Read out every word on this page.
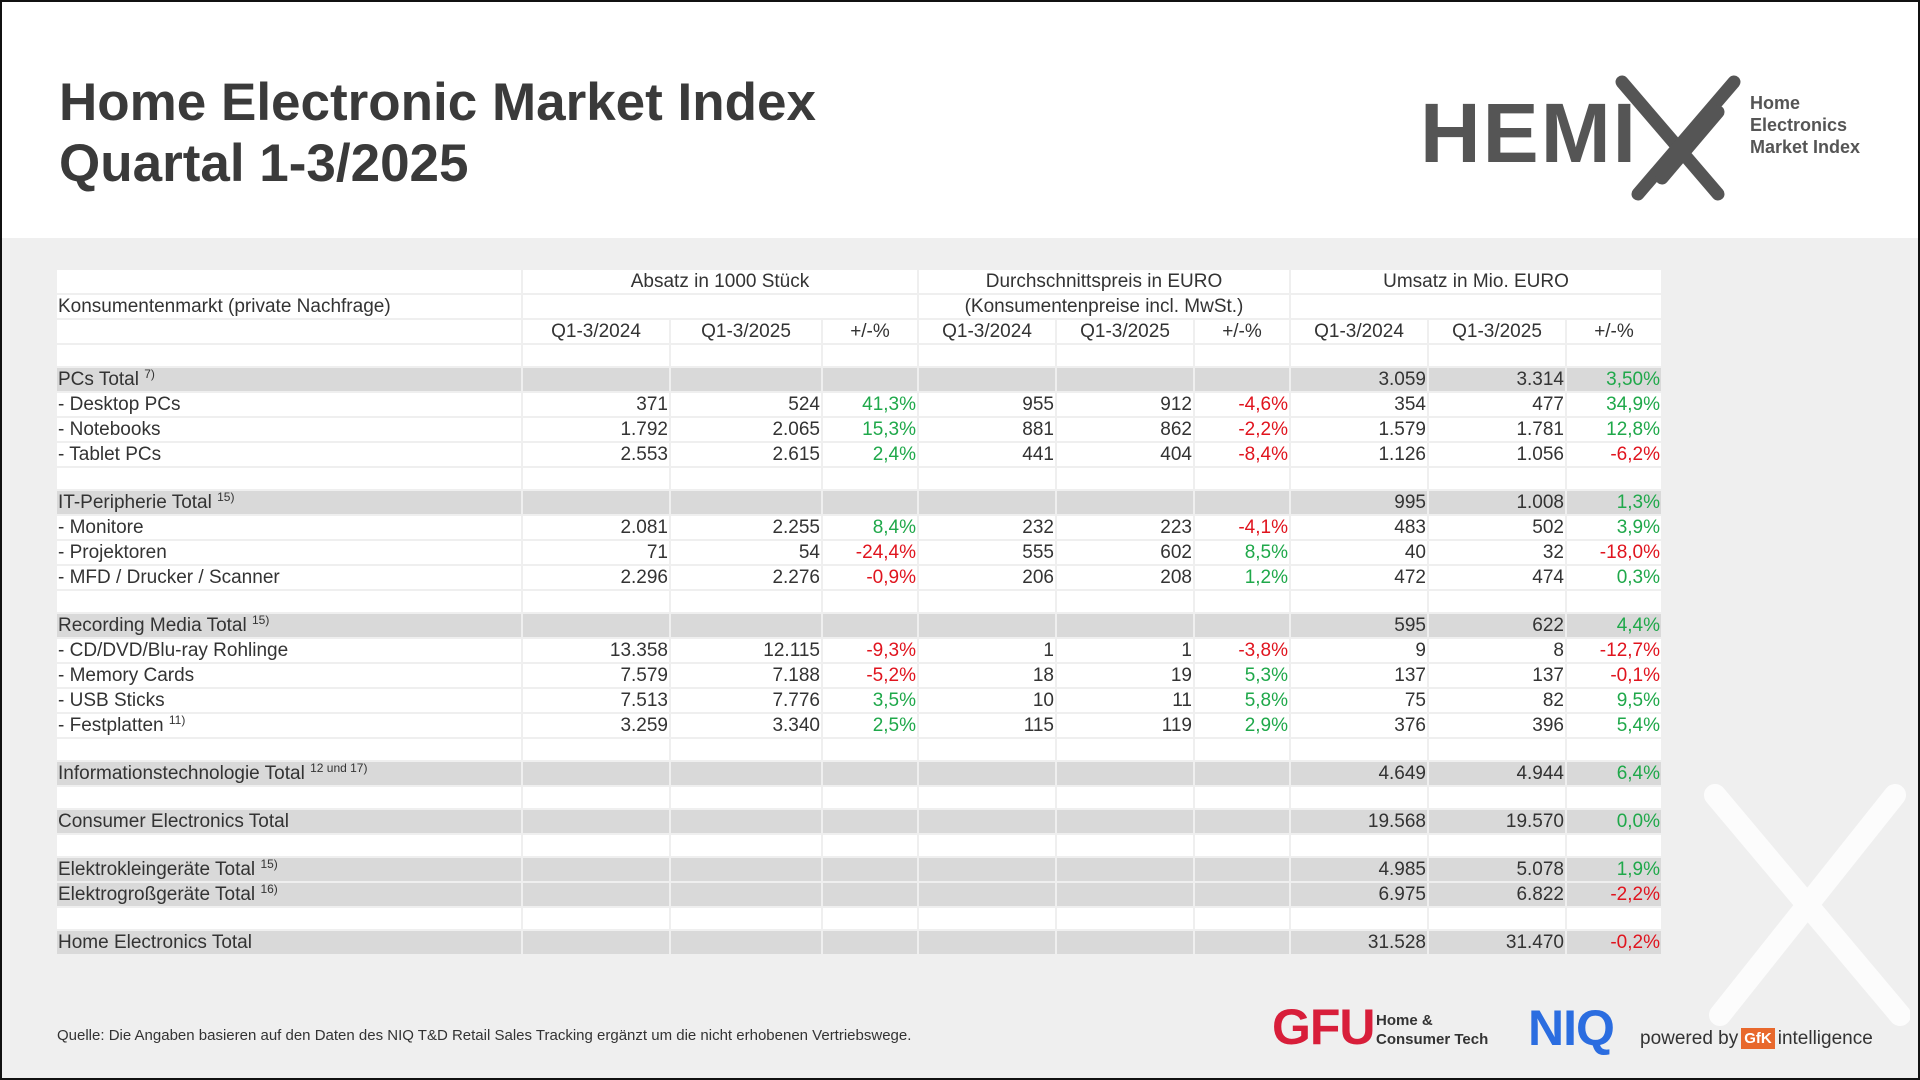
Home Electronic Market Index
Quartal 1-3/2025	HEMI	Home
Electronics
Market Index
	Absatz in 1000 Stück			Durchschnittspreis in EURO			Umsatz in Mio. EURO		
Konsumentenmarkt (private Nachfrage)				(Konsumentenpreise incl. MwSt.)					
	Q1-3/2024	Q1-3/2025	+/-%	Q1-3/2024	Q1-3/2025	+/-%	Q1-3/2024	Q1-3/2025	+/-%

PCs Total $^{7)}$							3.059	3.314	3,50%
- Desktop PCs	371	524	41,3%	955	912	-4,6%	354	477	34,9%
- Notebooks	1.792	2.065	15,3%	881	862	-2,2%	1.579	1.781	12,8%
- Tablet PCs	2.553	2.615	2,4%	441	404	-8,4%	1.126	1.056	-6,2%

IT-Peripherie Total $^{15)}$							995	1.008	1,3%
- Monitore	2.081	2.255	8,4%	232	223	-4,1%	483	502	3,9%
- Projektoren	71	54	-24,4%	555	602	8,5%	40	32	-18,0%
- MFD / Drucker / Scanner	2.296	2.276	-0,9%	206	208	1,2%	472	474	0,3%

Recording Media Total $^{15)}$							595	622	4,4%
- CD/DVD/Blu-ray Rohlinge	13.358	12.115	-9,3%	1	1	-3,8%	9	8	-12,7%
- Memory Cards	7.579	7.188	-5,2%	18	19	5,3%	137	137	-0,1%
- USB Sticks	7.513	7.776	3,5%	10	11	5,8%	75	82	9,5%
- Festplatten $^{11)}$	3.259	3.340	2,5%	115	119	2,9%	376	396	5,4%

Informationstechnologie Total $^{12 und 17)}$							4.649	4.944	6,4%

Consumer Electronics Total							19.568	19.570	0,0%

Elektrokleingeräte Total $^{15)}$							4.985	5.078	1,9%
Elektrogroßgeräte Total $^{16)}$							6.975	6.822	-2,2%

Home Electronics Total							31.528	31.470	-0,2%
Quelle: Die Angaben basieren auf den Daten des NIQ T&D Retail Sales Tracking ergänzt um die nicht erhobenen Vertriebswege.	GFU Home &
Consumer Tech NIQ powered by GfK intelligence
